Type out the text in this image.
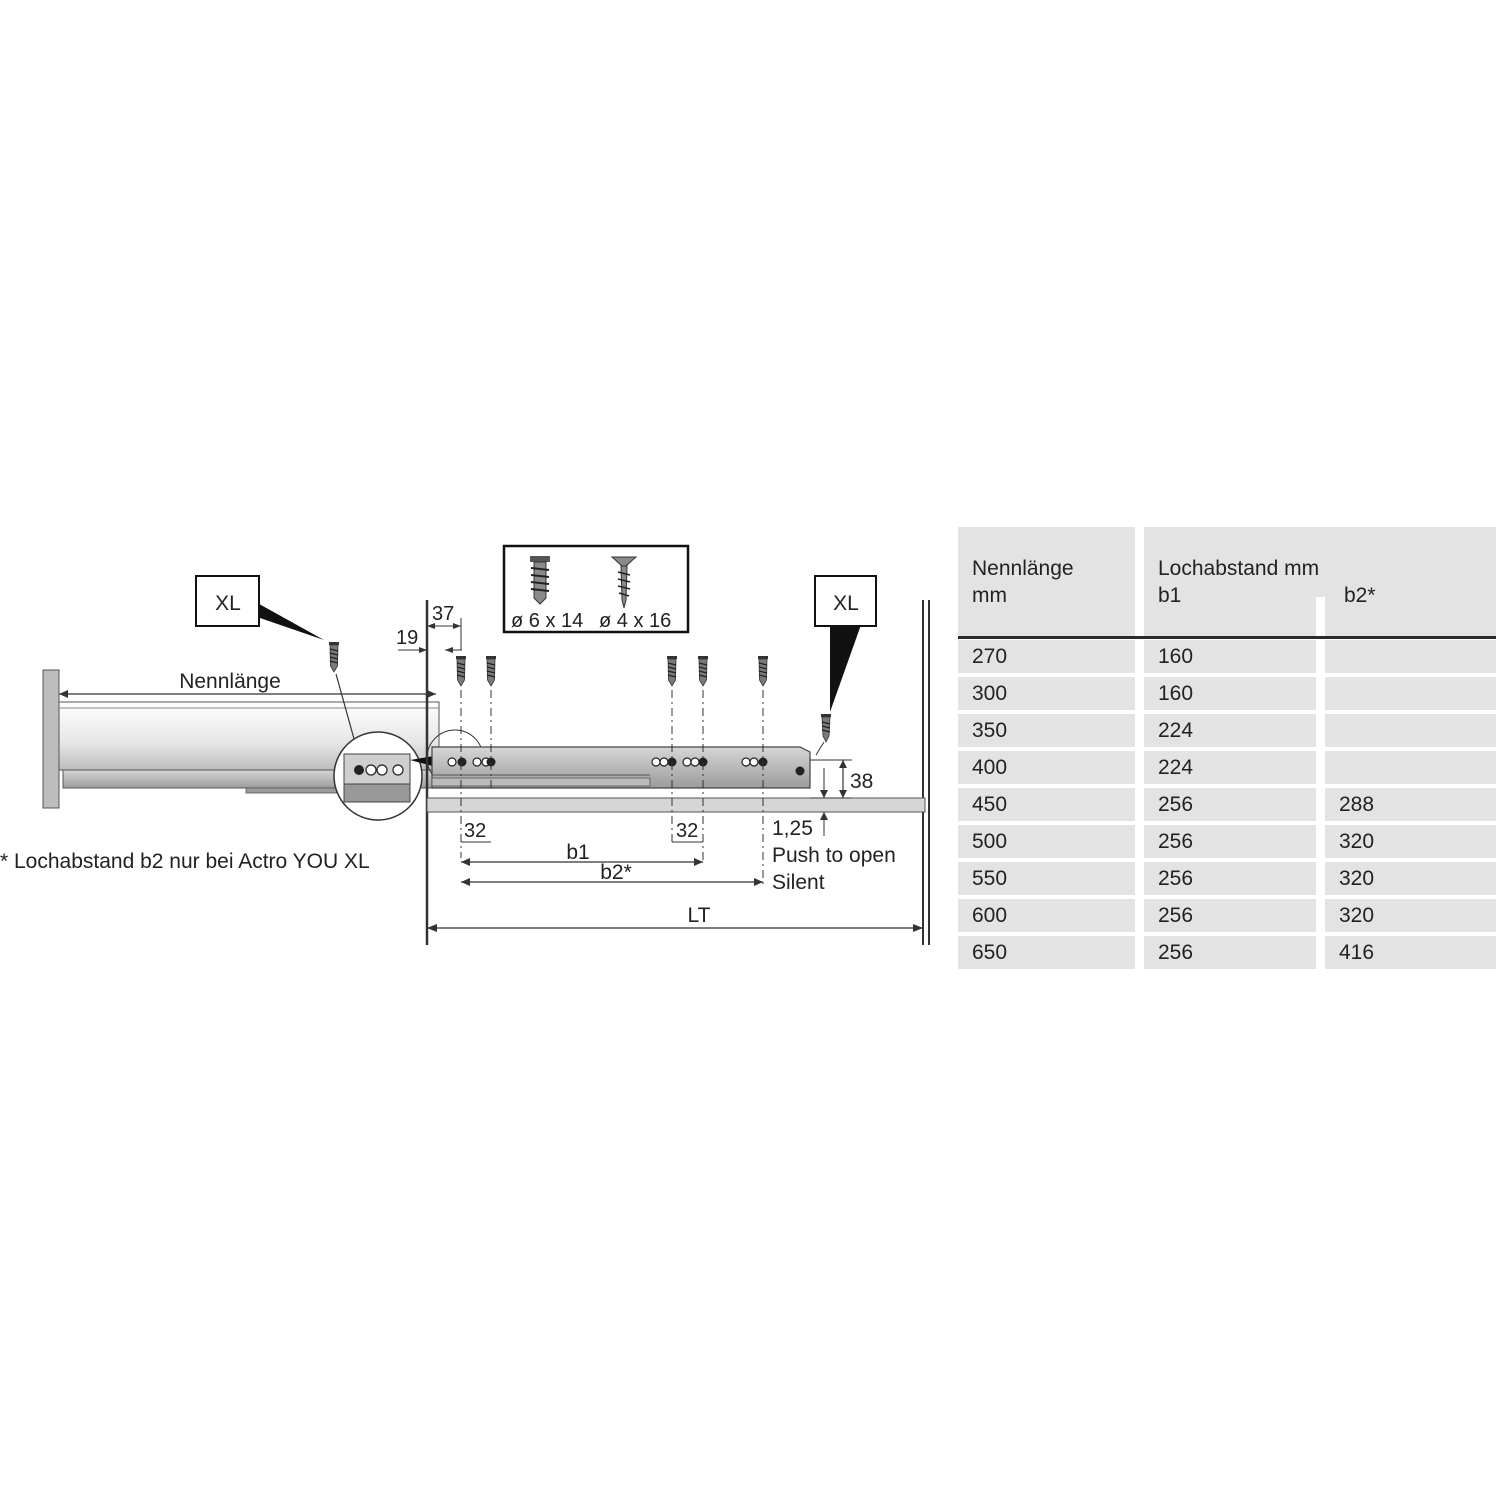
Nennlänge
XL
ø 6 x 14 ø 4 x 16
37
19
XL
38
1,25
Push to open
Silent
32	32
b1
b2*
LT
* Lochabstand b2 nur bei Actro YOU XL
Nennlänge
mm
Lochabstand mm
b1	b2*
270	160
300	160
350	224
400	224
450	256	288
500	256	320
550	256	320
600	256	320
650	256	416
